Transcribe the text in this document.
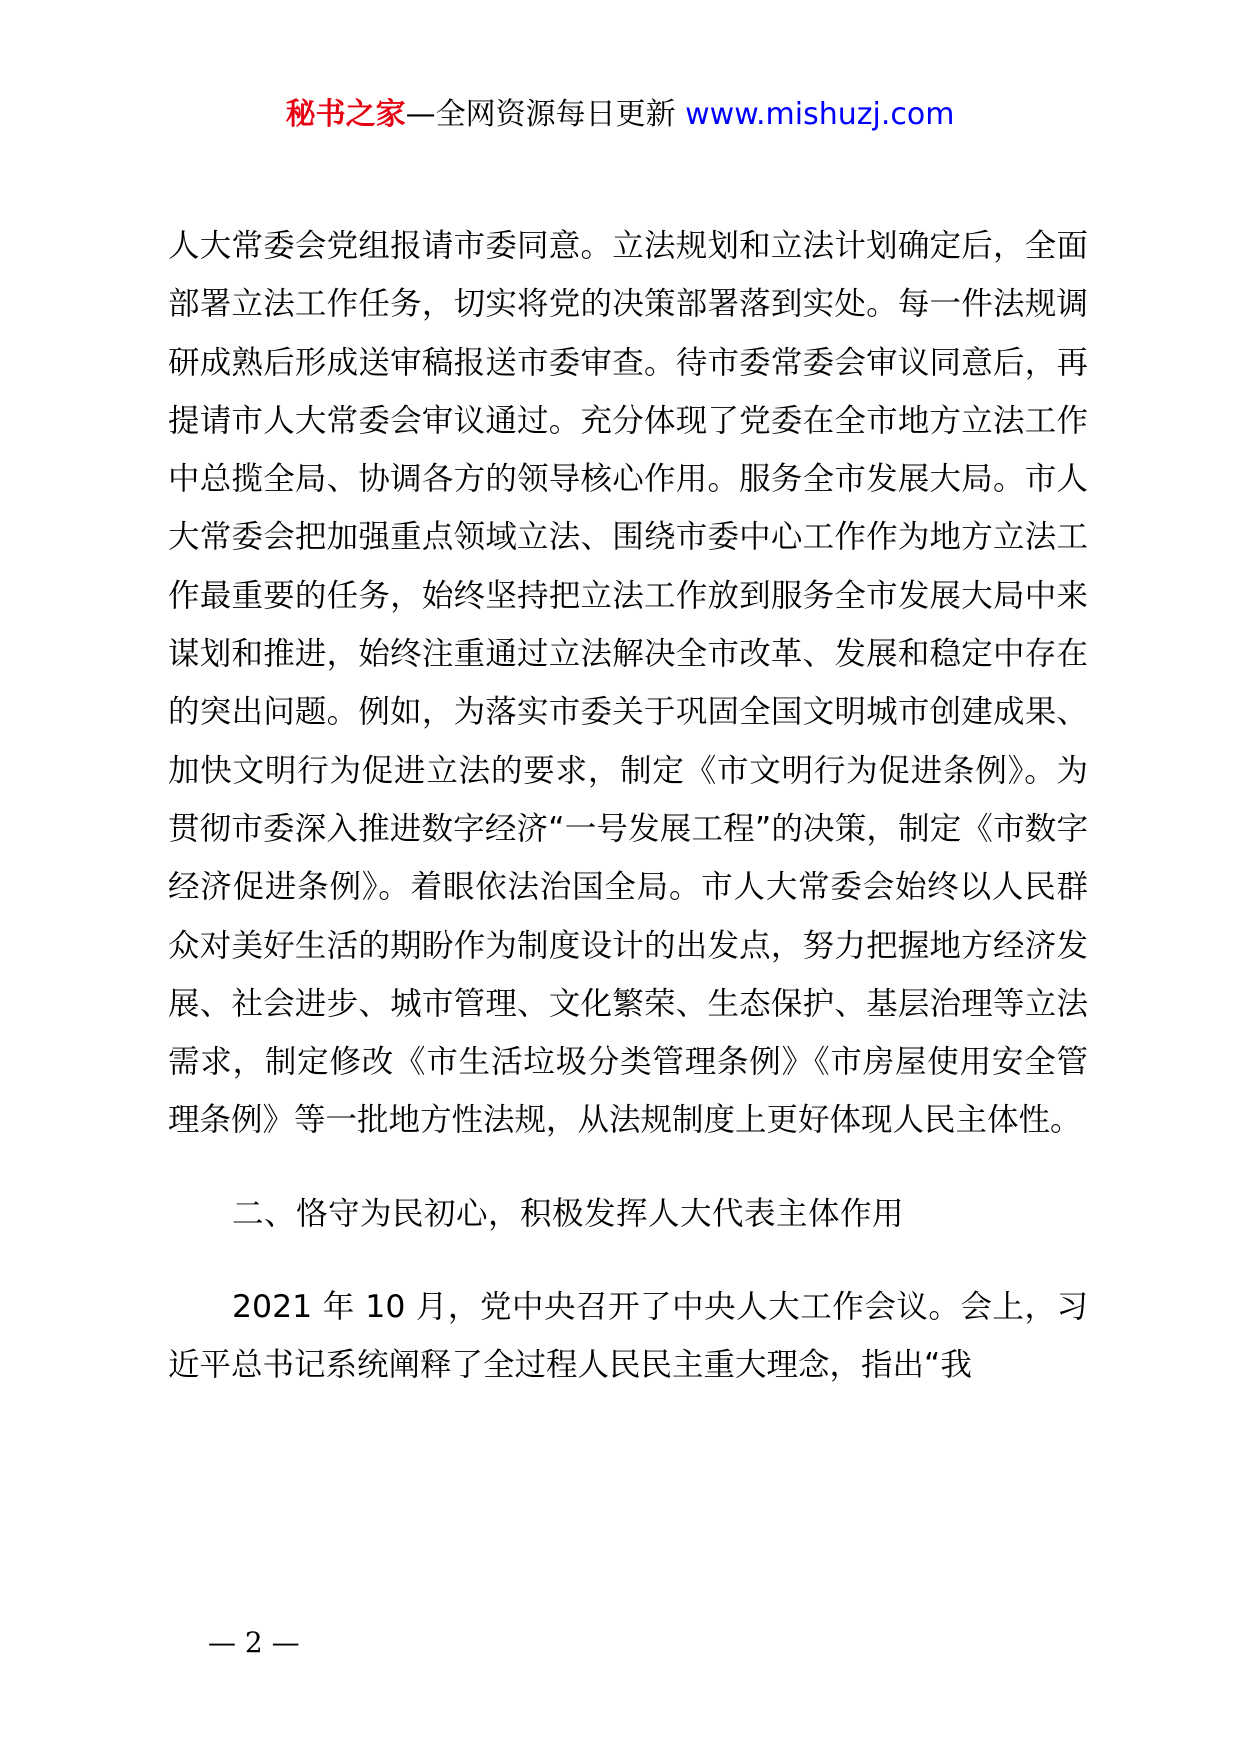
秘书之家—全网资源每日更新 www.mishuzj.com

人大常委会党组报请市委同意。立法规划和立法计划确定后，全面部署立法工作任务，切实将党的决策部署落到实处。每一件法规调研成熟后形成送审稿报送市委审查。待市委常委会审议同意后，再提请市人大常委会审议通过。充分体现了党委在全市地方立法工作中总揽全局、协调各方的领导核心作用。服务全市发展大局。市人大常委会把加强重点领域立法、围绕市委中心工作作为地方立法工作最重要的任务，始终坚持把立法工作放到服务全市发展大局中来谋划和推进，始终注重通过立法解决全市改革、发展和稳定中存在的突出问题。例如，为落实市委关于巩固全国文明城市创建成果、加快文明行为促进立法的要求，制定《市文明行为促进条例》。为贯彻市委深入推进数字经济“一号发展工程”的决策，制定《市数字经济促进条例》。着眼依法治国全局。市人大常委会始终以人民群众对美好生活的期盼作为制度设计的出发点，努力把握地方经济发展、社会进步、城市管理、文化繁荣、生态保护、基层治理等立法需求，制定修改《市生活垃圾分类管理条例》《市房屋使用安全管理条例》等一批地方性法规，从法规制度上更好体现人民主体性。

二、恪守为民初心，积极发挥人大代表主体作用

2021 年 10 月，党中央召开了中央人大工作会议。会上，习近平总书记系统阐释了全过程人民民主重大理念，指出“我

— 2 —
